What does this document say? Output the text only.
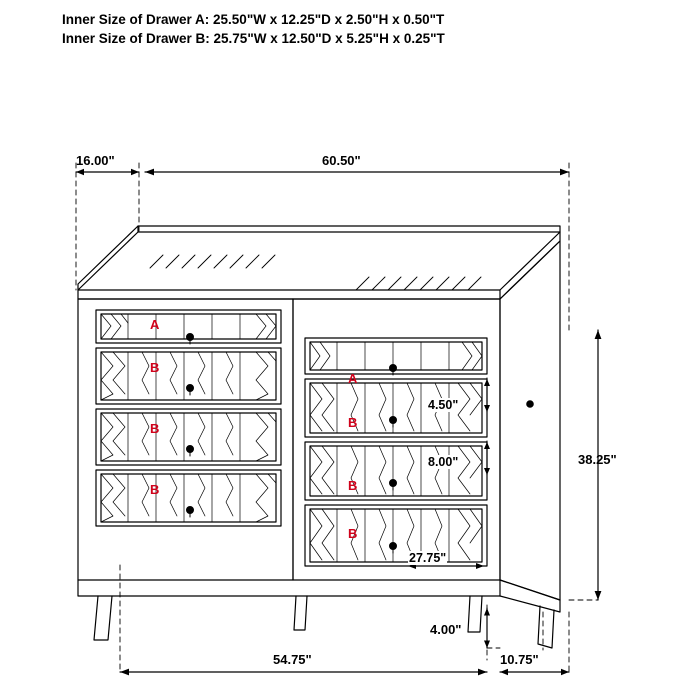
Inner Size of Drawer A: 25.50"W x 12.25"D x 2.50"H x 0.50"T
Inner Size of Drawer B: 25.75"W x 12.50"D x 5.25"H x 0.25"T
A
B
B
B
A
B
B
B
16.00"	60.50"
38.25"
54.75"	10.75"
4.00"
4.50"
8.00"
27.75"
